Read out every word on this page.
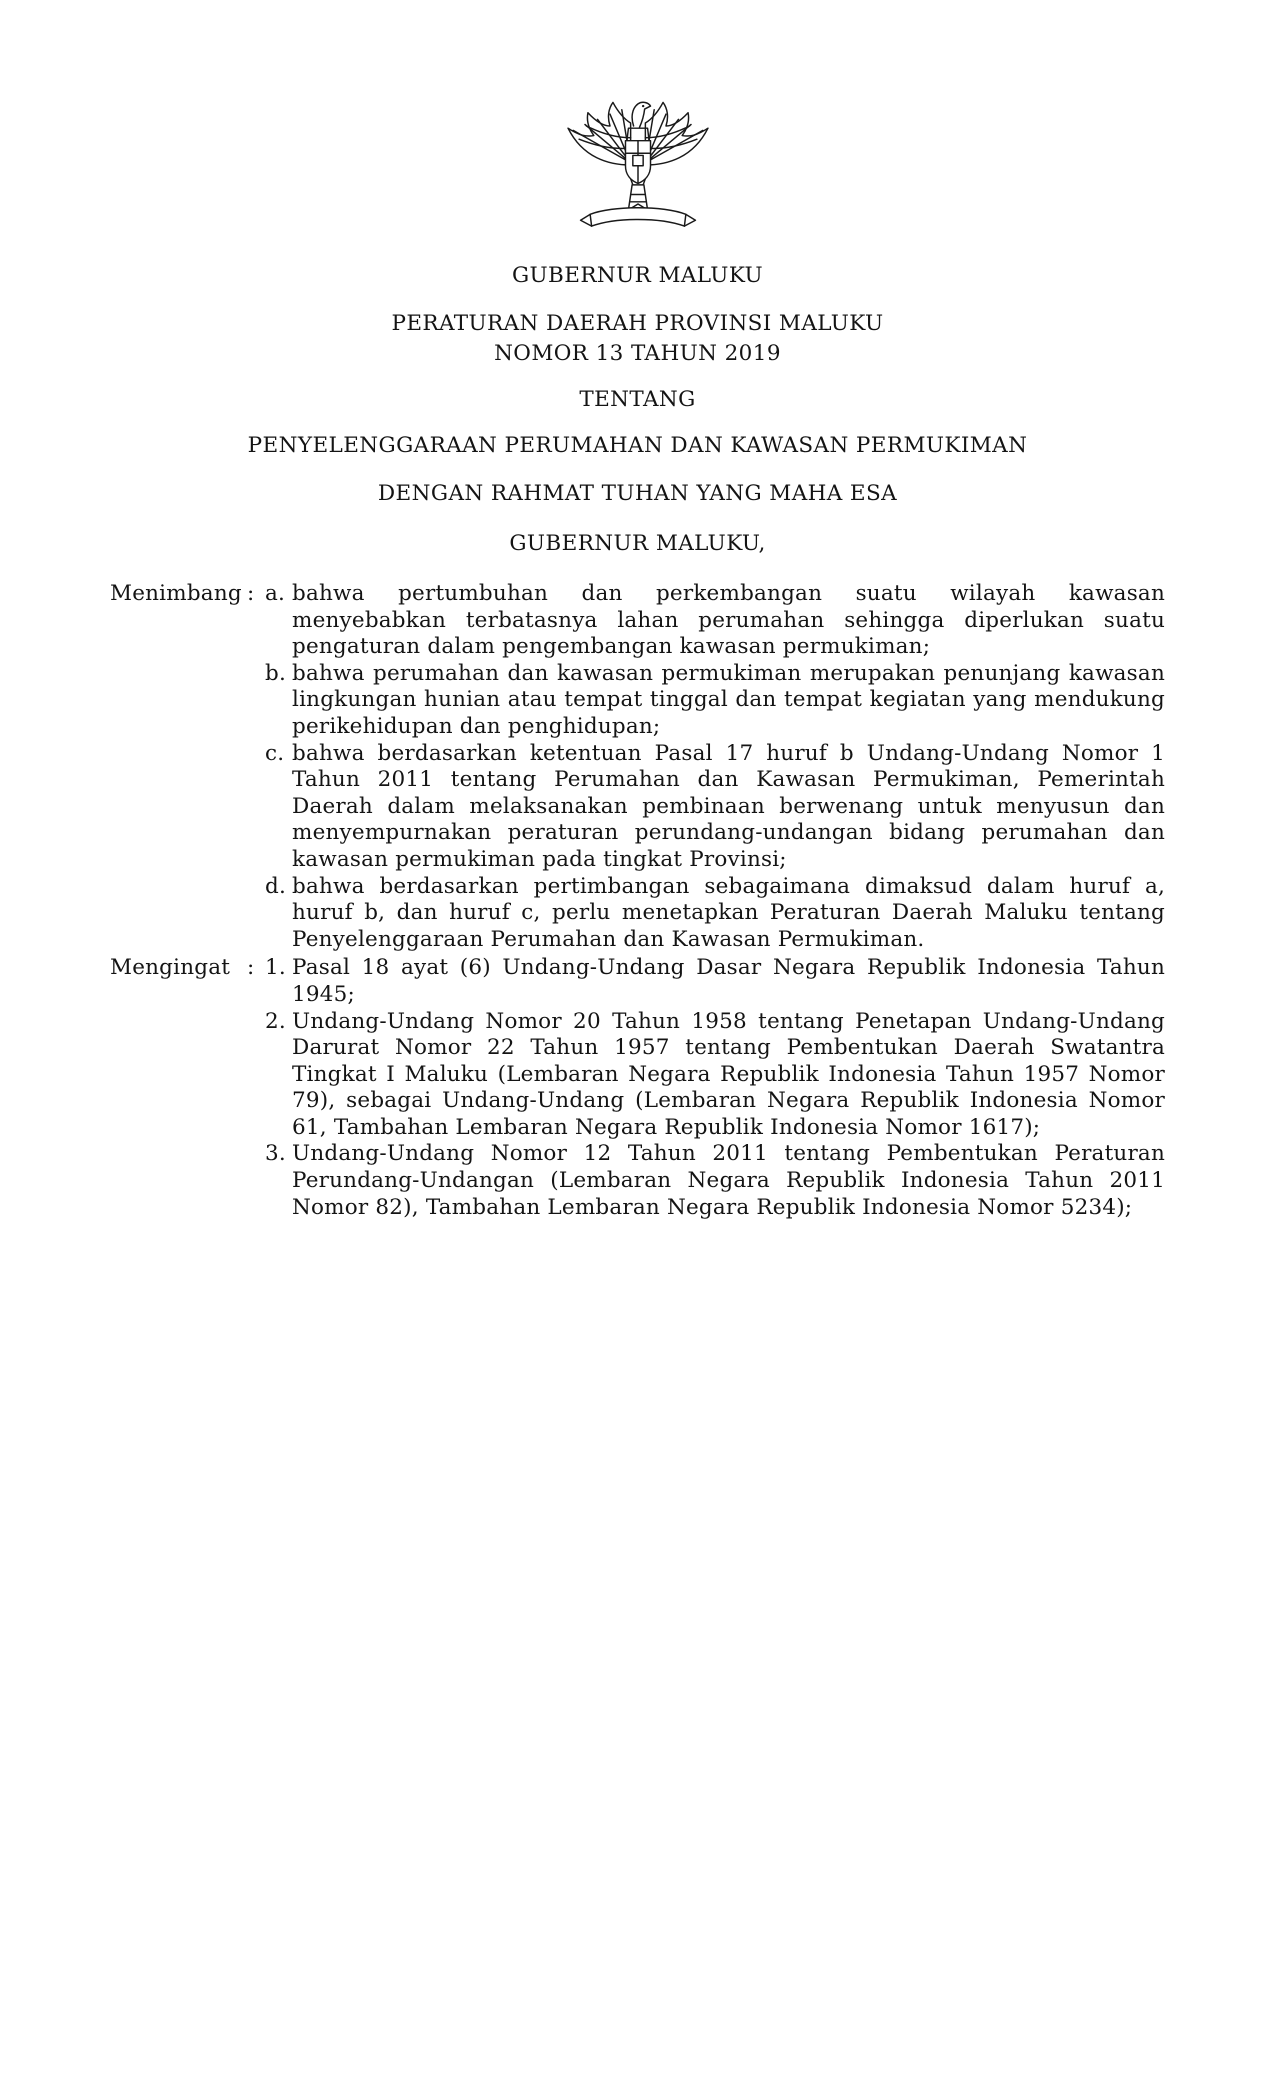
GUBERNUR MALUKU
PERATURAN DAERAH PROVINSI MALUKU
NOMOR 13 TAHUN 2019
TENTANG
PENYELENGGARAAN PERUMAHAN DAN KAWASAN PERMUKIMAN
DENGAN RAHMAT TUHAN YANG MAHA ESA
GUBERNUR MALUKU,
Menimbang : a. bahwa pertumbuhan dan perkembangan suatu wilayah kawasan menyebabkan terbatasnya lahan perumahan sehingga diperlukan suatu pengaturan dalam pengembangan kawasan permukiman;
b. bahwa perumahan dan kawasan permukiman merupakan penunjang kawasan lingkungan hunian atau tempat tinggal dan tempat kegiatan yang mendukung perikehidupan dan penghidupan;
c. bahwa berdasarkan ketentuan Pasal 17 huruf b Undang-Undang Nomor 1 Tahun 2011 tentang Perumahan dan Kawasan Permukiman, Pemerintah Daerah dalam melaksanakan pembinaan berwenang untuk menyusun dan menyempurnakan peraturan perundang-undangan bidang perumahan dan kawasan permukiman pada tingkat Provinsi;
d. bahwa berdasarkan pertimbangan sebagaimana dimaksud dalam huruf a, huruf b, dan huruf c, perlu menetapkan Peraturan Daerah Maluku tentang Penyelenggaraan Perumahan dan Kawasan Permukiman.
Mengingat : 1. Pasal 18 ayat (6) Undang-Undang Dasar Negara Republik Indonesia Tahun 1945;
2. Undang-Undang Nomor 20 Tahun 1958 tentang Penetapan Undang-Undang Darurat Nomor 22 Tahun 1957 tentang Pembentukan Daerah Swatantra Tingkat I Maluku (Lembaran Negara Republik Indonesia Tahun 1957 Nomor 79), sebagai Undang-Undang (Lembaran Negara Republik Indonesia Nomor 61, Tambahan Lembaran Negara Republik Indonesia Nomor 1617);
3. Undang-Undang Nomor 12 Tahun 2011 tentang Pembentukan Peraturan Perundang-Undangan (Lembaran Negara Republik Indonesia Tahun 2011 Nomor 82), Tambahan Lembaran Negara Republik Indonesia Nomor 5234);
